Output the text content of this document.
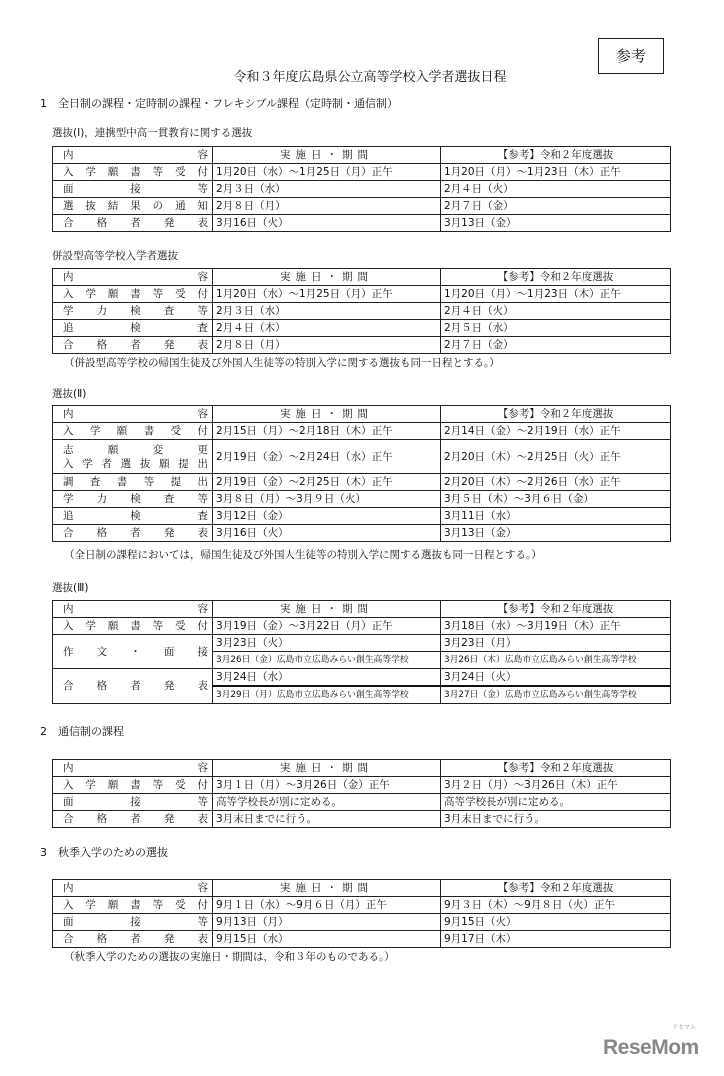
参考
令和３年度広島県公立高等学校入学者選抜日程
1　全日制の課程・定時制の課程・フレキシブル課程（定時制・通信制）
選抜(Ⅰ)，連携型中高一貫教育に関する選抜
内容	実施日・期間	【参考】令和２年度選抜

入学願書等受付	1月20日（水）～1月25日（月）正午	1月20日（月）～1月23日（木）正午

面接等	2月３日（水）	2月４日（火）

選抜結果の通知	2月８日（月）	2月７日（金）

合格者発表	3月16日（火）	3月13日（金）
併設型高等学校入学者選抜
内容	実施日・期間	【参考】令和２年度選抜

入学願書等受付	1月20日（水）～1月25日（月）正午	1月20日（月）～1月23日（木）正午

学力検査等	2月３日（水）	2月４日（火）

追検査	2月４日（木）	2月５日（水）

合格者発表	2月８日（月）	2月７日（金）
（併設型高等学校の帰国生徒及び外国人生徒等の特別入学に関する選抜も同一日程とする。）
選抜(Ⅱ)
内容	実施日・期間	【参考】令和２年度選抜

入学願書受付	2月15日（月）～2月18日（木）正午	2月14日（金）～2月19日（水）正午

志願変更
入学者選抜願提出	2月19日（金）～2月24日（水）正午	2月20日（木）～2月25日（火）正午

調査書等提出	2月19日（金）～2月25日（木）正午	2月20日（木）～2月26日（水）正午

学力検査等	3月８日（月）～3月９日（火）	3月５日（木）～3月６日（金）

追検査	3月12日（金）	3月11日（水）

合格者発表	3月16日（火）	3月13日（金）
（全日制の課程においては，帰国生徒及び外国人生徒等の特別入学に関する選抜も同一日程とする。）
選抜(Ⅲ)
内容	実施日・期間	【参考】令和２年度選抜

入学願書等受付	3月19日（金）～3月22日（月）正午	3月18日（水）～3月19日（木）正午

作文・面接	3月23日（火）	3月23日（月）
	3月26日（金）広島市立広島みらい創生高等学校	3月26日（木）広島市立広島みらい創生高等学校

合格者発表	3月24日（水）	3月24日（火）
	3月29日（月）広島市立広島みらい創生高等学校	3月27日（金）広島市立広島みらい創生高等学校
2　通信制の課程
内容	実施日・期間	【参考】令和２年度選抜

入学願書等受付	3月１日（月）～3月26日（金）正午	3月２日（月）～3月26日（木）正午

面接等	高等学校長が別に定める。	高等学校長が別に定める。

合格者発表	3月末日までに行う。	3月末日までに行う。
3　秋季入学のための選抜
内容	実施日・期間	【参考】令和２年度選抜

入学願書等受付	9月１日（水）～9月６日（月）正午	9月３日（木）～9月８日（火）正午

面接等	9月13日（月）	9月15日（火）

合格者発表	9月15日（水）	9月17日（木）
（秋季入学のための選抜の実施日・期間は，令和３年のものである。）
リセマム
ReseMom
